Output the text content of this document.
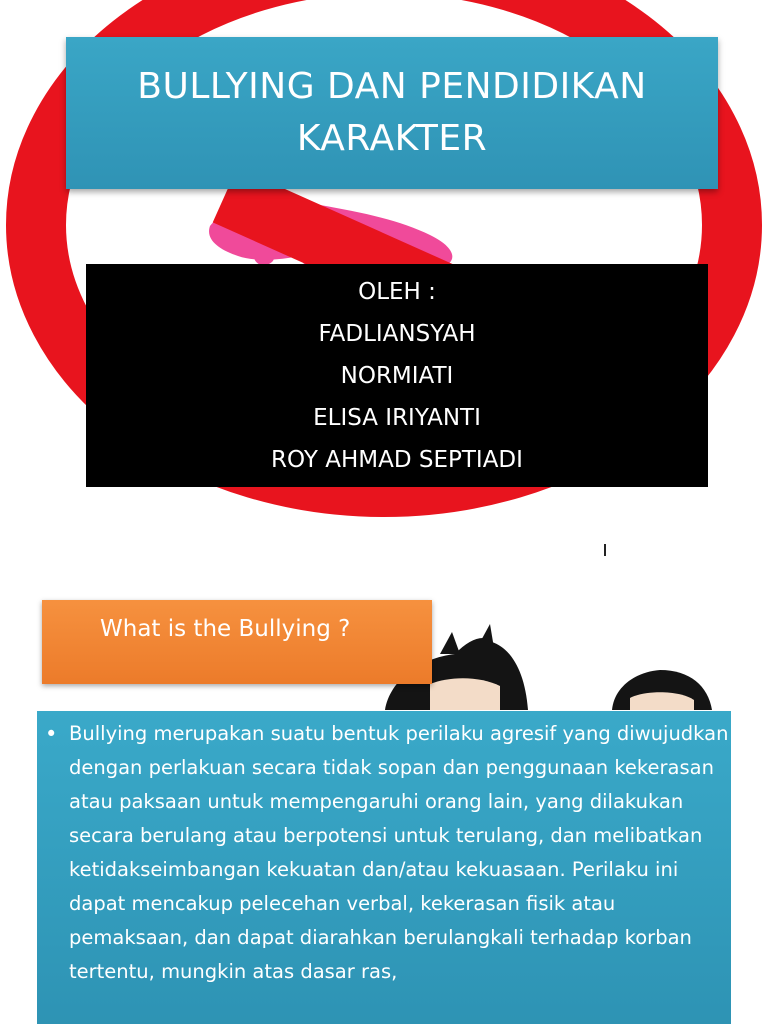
BULLYING DAN PENDIDIKAN KARAKTER
OLEH :
FADLIANSYAH
NORMIATI
ELISA IRIYANTI
ROY AHMAD SEPTIADI
What is the Bullying ?
• Bullying merupakan suatu bentuk perilaku agresif yang diwujudkan dengan perlakuan secara tidak sopan dan penggunaan kekerasan atau paksaan untuk mempengaruhi orang lain, yang dilakukan secara berulang atau berpotensi untuk terulang, dan melibatkan ketidakseimbangan kekuatan dan/atau kekuasaan. Perilaku ini dapat mencakup pelecehan verbal, kekerasan fisik atau pemaksaan, dan dapat diarahkan berulangkali terhadap korban tertentu, mungkin atas dasar ras,
